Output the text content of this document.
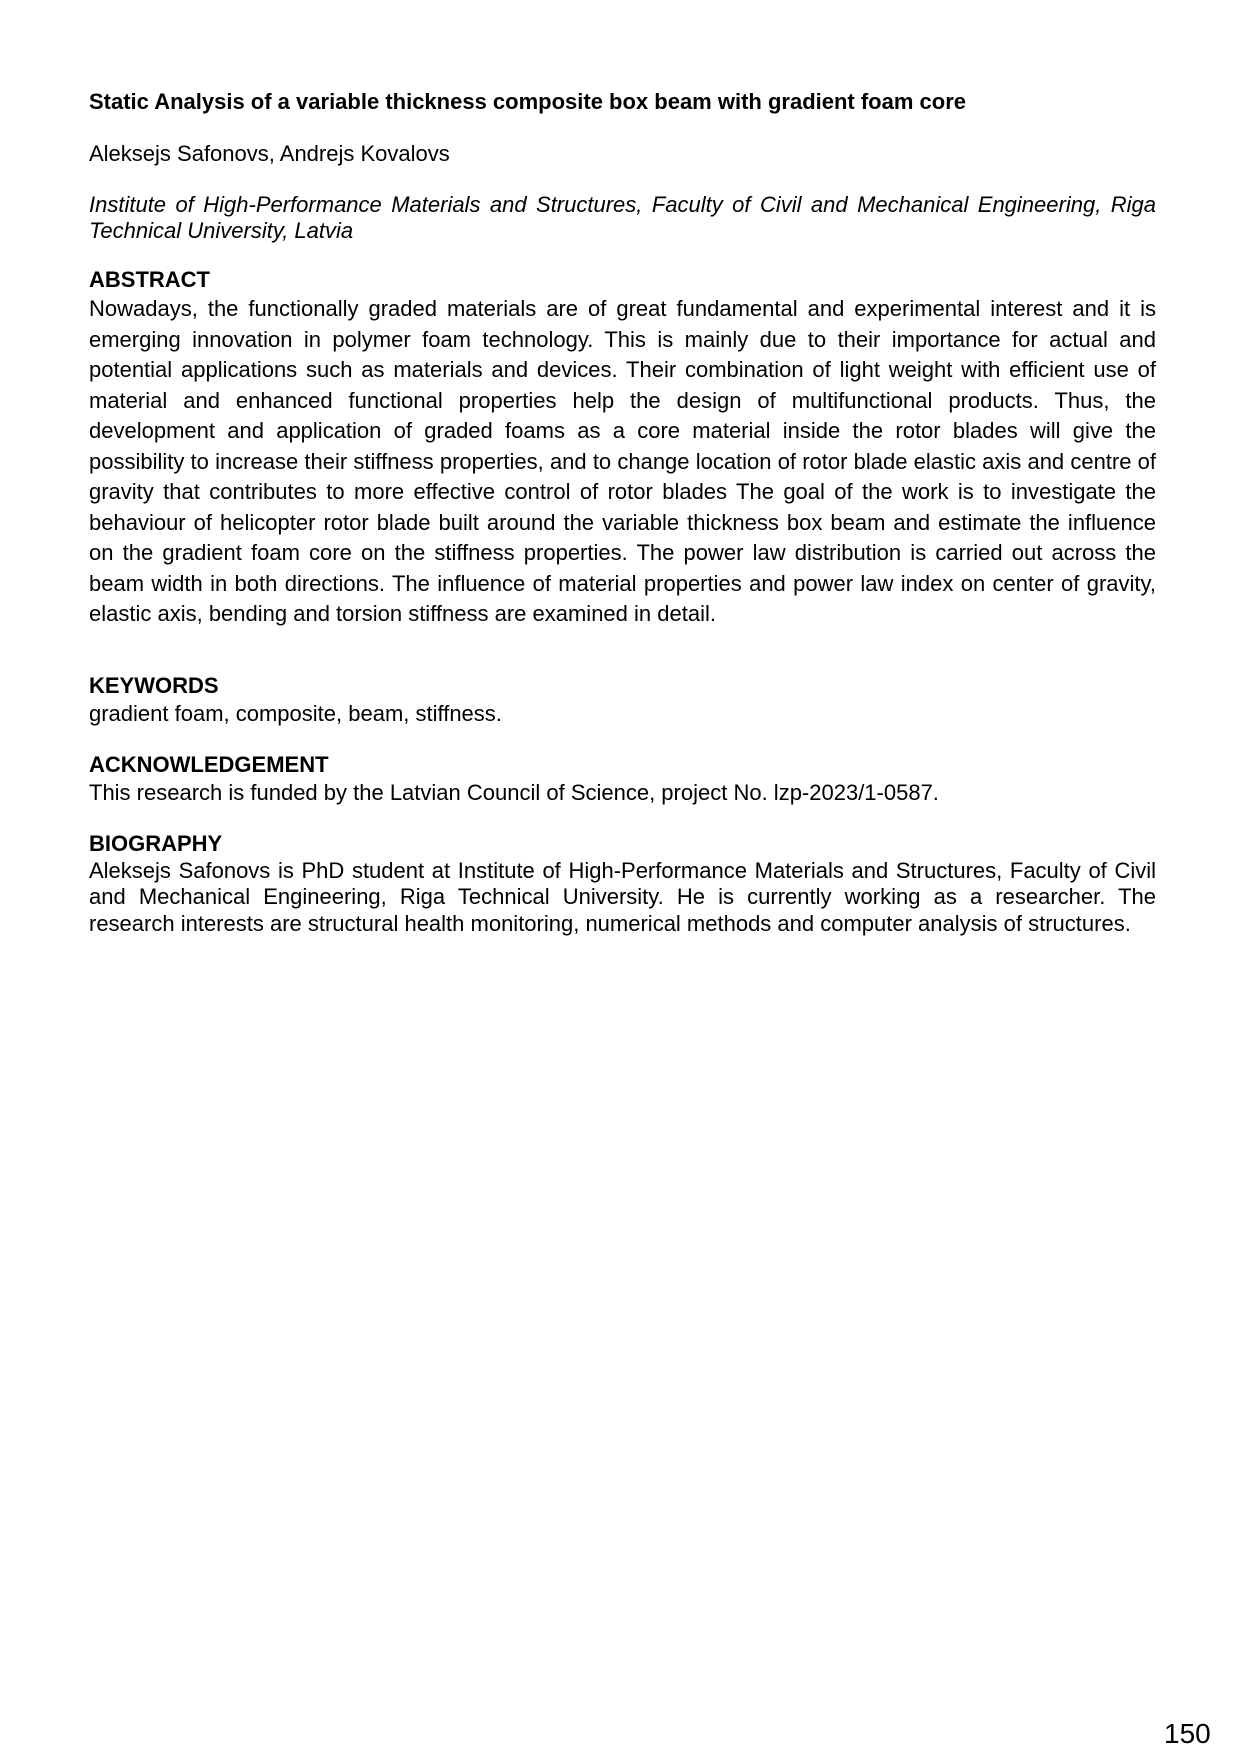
Static Analysis of a variable thickness composite box beam with gradient foam core

Aleksejs Safonovs, Andrejs Kovalovs

Institute of High-Performance Materials and Structures, Faculty of Civil and Mechanical Engineering, Riga Technical University, Latvia

ABSTRACT

Nowadays, the functionally graded materials are of great fundamental and experimental interest and it is emerging innovation in polymer foam technology. This is mainly due to their importance for actual and potential applications such as materials and devices. Their combination of light weight with efficient use of material and enhanced functional properties help the design of multifunctional products. Thus, the development and application of graded foams as a core material inside the rotor blades will give the possibility to increase their stiffness properties, and to change location of rotor blade elastic axis and centre of gravity that contributes to more effective control of rotor blades The goal of the work is to investigate the behaviour of helicopter rotor blade built around the variable thickness box beam and estimate the influence on the gradient foam core on the stiffness properties. The power law distribution is carried out across the beam width in both directions. The influence of material properties and power law index on center of gravity, elastic axis, bending and torsion stiffness are examined in detail.

KEYWORDS

gradient foam, composite, beam, stiffness.

ACKNOWLEDGEMENT

This research is funded by the Latvian Council of Science, project No. lzp-2023/1-0587.

BIOGRAPHY

Aleksejs Safonovs is PhD student at Institute of High-Performance Materials and Structures, Faculty of Civil and Mechanical Engineering, Riga Technical University. He is currently working as a researcher. The research interests are structural health monitoring, numerical methods and computer analysis of structures.

150
